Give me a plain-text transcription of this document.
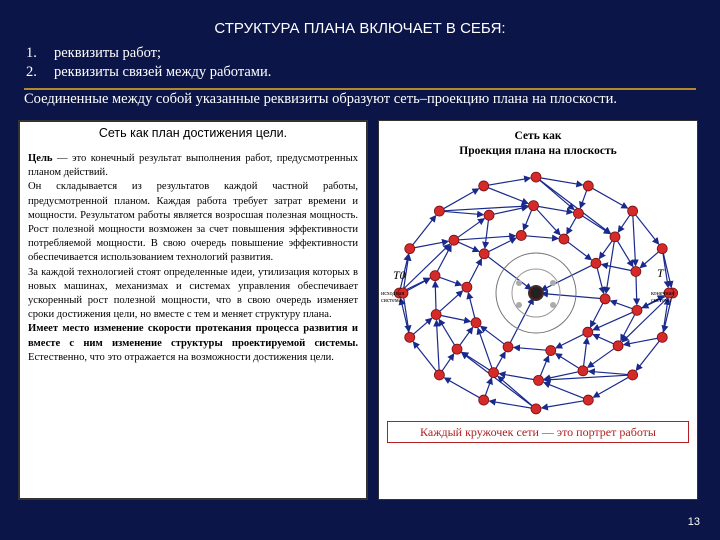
СТРУКТУРА ПЛАНА ВКЛЮЧАЕТ В СЕБЯ:
1.	реквизиты работ;
2.	реквизиты связей между работами.
Соединенные между собой указанные реквизиты образуют сеть–проекцию плана на плоскости.
Сеть как план достижения цели.

Цель — это конечный результат выполнения работ, предусмотренных планом действий.

Он складывается из результатов каждой частной работы, предусмотренной планом. Каждая работа требует затрат времени и мощности. Результатом работы является возросшая полезная мощность. Рост полезной мощности возможен за счет повышения эффективности потребляемой мощности. В свою очередь повышение эффективности обеспечивается использованием технологий развития.

За каждой технологией стоят определенные идеи, утилизация которых в новых машинах, механизмах и системах управления обеспечивает ускоренный рост полезной мощности, что в свою очередь изменяет сроки достижения цели, но вместе с тем и меняет структуру плана.

Имеет место изменение скорости протекания процесса развития и вместе с ним изменение структуры проектируемой системы. Естественно, что это отражается на возможности достижения цели.

Сеть как
Проекция плана на плоскость
T0	T
исходная
система
конечная
система
Каждый кружочек сети — это портрет работы
13
